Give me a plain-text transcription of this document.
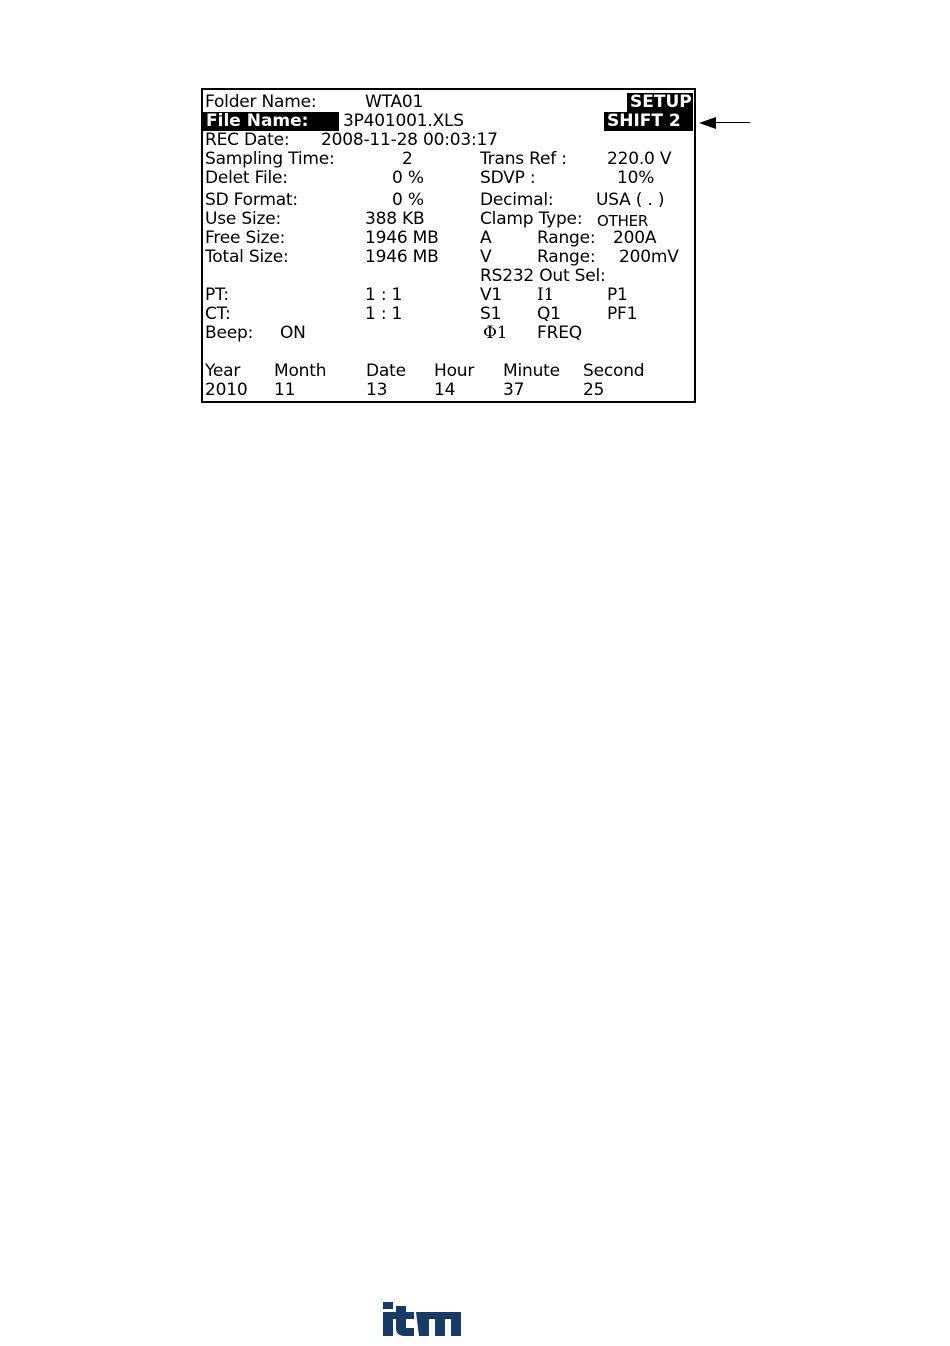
Folder Name:	WTA01
File Name:	3P401001.XLS
REC Date: 2008-11-28 00:03:17
Sampling Time:	2
Delet File:	0 %
SD Format:	0 %
Use Size:	388 KB
Free Size:	1946 MB
Total Size:	1946 MB
PT:	1 : 1
CT:	1 : 1
Beep: ON
SETUP
SHIFT 2
Trans Ref : 220.0 V
SDVP :	10%
Decimal:	USA ( . )
Clamp Type: OTHER
A	Range: 200A
V	Range: 200mV
RS232 Out Sel:
V1 I1	P1
S1 Q1	PF1
Φ1 FREQ
Year Month Date Hour Minute Second
2010 11	13	14	37	25
